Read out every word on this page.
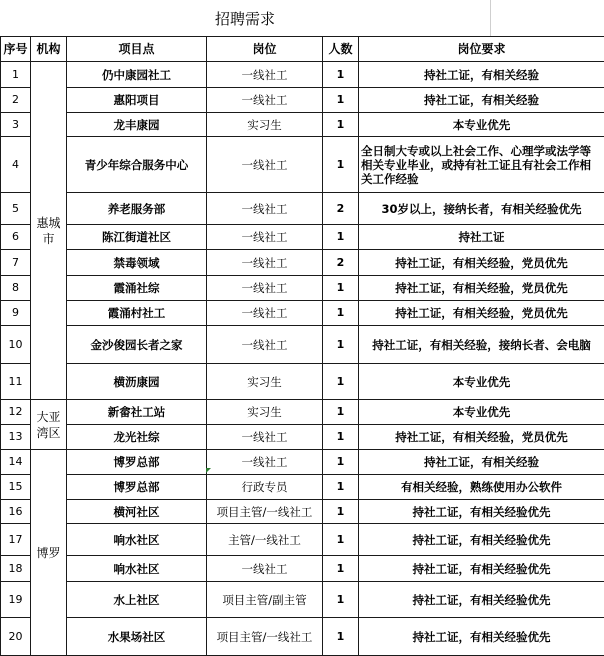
招聘需求
序号	机构	项目点	岗位	人数	岗位要求
1	惠城市	仍中康园社工	一线社工	1	持社工证，有相关经验
2		惠阳项目	一线社工	1	持社工证，有相关经验
3		龙丰康园	实习生	1	本专业优先
4		青少年综合服务中心	一线社工	1	全日制大专或以上社会工作、心理学或法学等相关专业毕业，或持有社工证且有社会工作相关工作经验
5		养老服务部	一线社工	2	30岁以上，接纳长者，有相关经验优先
6		陈江街道社区	一线社工	1	持社工证
7		禁毒领域	一线社工	2	持社工证，有相关经验，党员优先
8		霞涌社综	一线社工	1	持社工证，有相关经验，党员优先
9		霞涌村社工	一线社工	1	持社工证，有相关经验，党员优先
10		金沙俊园长者之家	一线社工	1	持社工证，有相关经验，接纳长者、会电脑
11		横沥康园	实习生	1	本专业优先
12	大亚湾区	新畲社工站	实习生	1	本专业优先
13		龙光社综	一线社工	1	持社工证，有相关经验，党员优先
14	博罗	博罗总部	一线社工	1	持社工证，有相关经验
15		博罗总部	行政专员	1	有相关经验，熟练使用办公软件
16		横河社区	项目主管/一线社工	1	持社工证，有相关经验优先
17		响水社区	主管/一线社工	1	持社工证，有相关经验优先
18		响水社区	一线社工	1	持社工证，有相关经验优先
19		水上社区	项目主管/副主管	1	持社工证，有相关经验优先
20		水果场社区	项目主管/一线社工	1	持社工证，有相关经验优先
